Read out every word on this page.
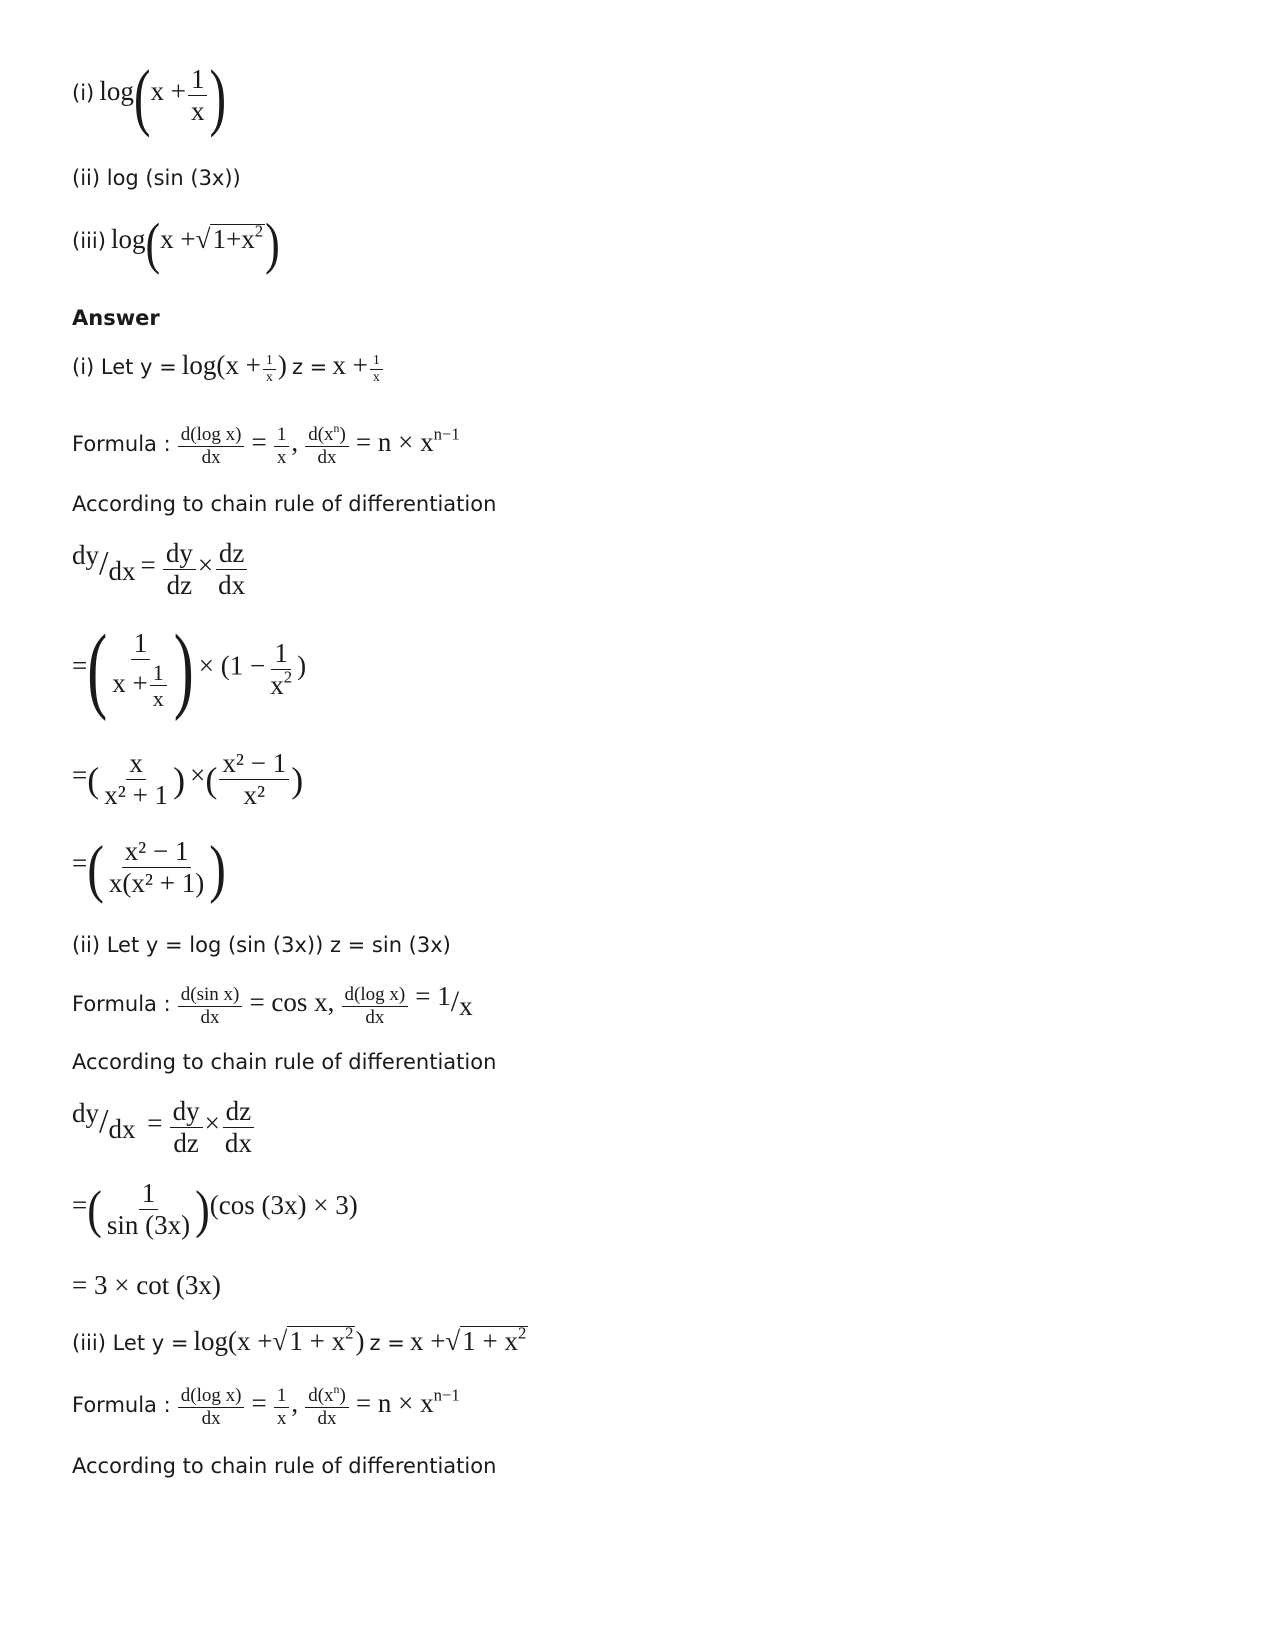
(i) $\log(x + \frac{1}{x}$ )
(ii) log (sin (3x))
(iii) $\log(x +√1+x^2)$
Answer
(i) Let $y = \log(x + \frac{1}{x}$ ) $z = x + \frac{1}{x}$
Formula : $\frac{\text{d(log x)}}{dx} = \frac{1}{x}$ , $\frac{d(x^n)}{dx} = n \times x^{n-1}$
According to chain rule of differentiation
$dy/dx = \frac{dy}{dz} \times \frac{dz}{dx}$
=( $\frac{1}{x + \frac{1}{x}}$ ) × ($1 - \frac{1}{x^2}$ )
=( $\frac{x}{\text{x² + 1}}$ ) ×( $\frac{\text{x² − 1}}{\text{x²}}$ )
=( $\frac{\text{x² − 1}}{\text{x(x² + 1)}}$ )
(ii) Let y = log (sin (3x)) z = sin (3x)
Formula : $\frac{\text{d(sin x)}}{dx} = \cos x$, $\frac{\text{d(log x)}}{dx} = 1/x$
According to chain rule of differentiation
$dy/dx = \frac{dy}{dz} \times \frac{dz}{dx}$
=( $\frac{1}{\sin (3x)} )(\cos$ (3x) × 3)
= 3 × cot (3x)
(iii) Let $y = \log(x +√1 + x^2)$ $z = x +√1 + x^2$
Formula : $\frac{\text{d(log x)}}{dx} = \frac{1}{x}$ , $\frac{d(x^n)}{dx} = n \times x^{n-1}$
According to chain rule of differentiation
